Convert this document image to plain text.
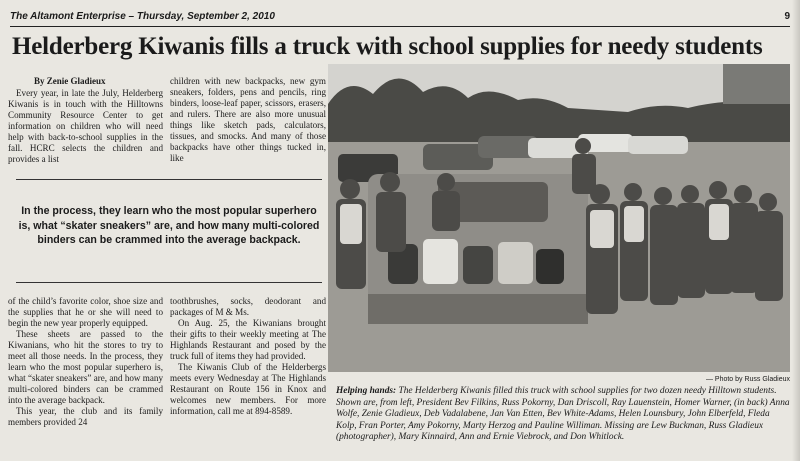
The Altamont Enterprise – Thursday, September 2, 2010	9
Helderberg Kiwanis fills a truck with school supplies for needy students
By Zenie Gladieux

Every year, in late the July, Helderberg Kiwanis is in touch with the Hilltowns Community Resource Center to get information on children who will need help with back-to-school supplies in the fall. HCRC selects the children and provides a list

children with new backpacks, new gym sneakers, folders, pens and pencils, ring binders, loose-leaf paper, scissors, erasers, and rulers. There are also more unusual things like sketch pads, calculators, tissues, and smocks. And many of those backpacks have other things tucked in, like

In the process, they learn who the most popular superhero is, what “skater sneakers” are, and how many multi-colored binders can be crammed into the average backpack.

of the child’s favorite color, shoe size and the supplies that he or she will need to begin the new year properly equipped.

These sheets are passed to the Kiwanians, who hit the stores to try to meet all those needs. In the process, they learn who the most popular superhero is, what “skater sneakers” are, and how many multi-colored binders can be crammed into the average backpack.

This year, the club and its family members provided 24

toothbrushes, socks, deodorant and packages of M & Ms.

On Aug. 25, the Kiwanians brought their gifts to their weekly meeting at The Highlands Restaurant and posed by the truck full of items they had provided.

The Kiwanis Club of the Helderbergs meets every Wednesday at The Highlands Restaurant on Route 156 in Knox and welcomes new members. For more information, call me at 894-8589.

— Photo by Russ Gladieux
Helping hands: The Helderberg Kiwanis filled this truck with school supplies for two dozen needy Hilltown students. Shown are, from left, President Bev Filkins, Russ Pokorny, Dan Driscoll, Ray Lauenstein, Homer Warner, (in back) Anna Wolfe, Zenie Gladieux, Deb Vadalabene, Jan Van Etten, Bev White-Adams, Helen Lounsbury, John Elberfeld, Fleda Kolp, Fran Porter, Amy Pokorny, Marty Herzog and Pauline Williman. Missing are Lew Buckman, Russ Gladieux (photographer), Mary Kinnaird, Ann and Ernie Viebrock, and Don Whitlock.
